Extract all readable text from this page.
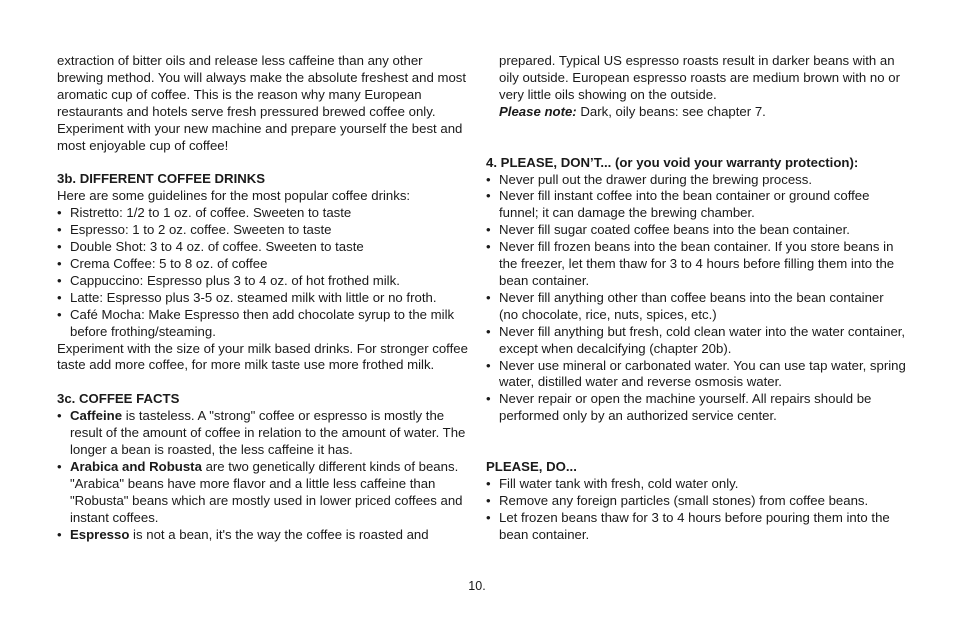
extraction of bitter oils and release less caffeine than any other brewing method. You will always make the absolute freshest and most aromatic cup of coffee. This is the reason why many European restaurants and hotels serve fresh pressured brewed coffee only. Experiment with your new machine and prepare yourself the best and most enjoyable cup of coffee!

3b. DIFFERENT COFFEE DRINKS

Here are some guidelines for the most popular coffee drinks:

• Ristretto: 1/2 to 1 oz. of coffee. Sweeten to taste
• Espresso: 1 to 2 oz. coffee. Sweeten to taste
• Double Shot: 3 to 4 oz. of coffee. Sweeten to taste
• Crema Coffee: 5 to 8 oz. of coffee
• Cappuccino: Espresso plus 3 to 4 oz. of hot frothed milk.
• Latte: Espresso plus 3-5 oz. steamed milk with little or no froth.
• Café Mocha: Make Espresso then add chocolate syrup to the milk before frothing/steaming.

Experiment with the size of your milk based drinks. For stronger coffee taste add more coffee, for more milk taste use more frothed milk.

3c. COFFEE FACTS

• Caffeine is tasteless. A "strong" coffee or espresso is mostly the result of the amount of coffee in relation to the amount of water. The longer a bean is roasted, the less caffeine it has.
• Arabica and Robusta are two genetically different kinds of beans. "Arabica" beans have more flavor and a little less caffeine than "Robusta" beans which are mostly used in lower priced coffees and instant coffees.
• Espresso is not a bean, it's the way the coffee is roasted and

prepared. Typical US espresso roasts result in darker beans with an oily outside. European espresso roasts are medium brown with no or very little oils showing on the outside.

Please note: Dark, oily beans: see chapter 7.

4. PLEASE, DON’T... (or you void your warranty protection):

• Never pull out the drawer during the brewing process.
• Never fill instant coffee into the bean container or ground coffee funnel; it can damage the brewing chamber.
• Never fill sugar coated coffee beans into the bean container.
• Never fill frozen beans into the bean container. If you store beans in the freezer, let them thaw for 3 to 4 hours before filling them into the bean container.
• Never fill anything other than coffee beans into the bean container (no chocolate, rice, nuts, spices, etc.)
• Never fill anything but fresh, cold clean water into the water container, except when decalcifying (chapter 20b).
• Never use mineral or carbonated water. You can use tap water, spring water, distilled water and reverse osmosis water.
• Never repair or open the machine yourself. All repairs should be performed only by an authorized service center.

PLEASE, DO...

• Fill water tank with fresh, cold water only.
• Remove any foreign particles (small stones) from coffee beans.
• Let frozen beans thaw for 3 to 4 hours before pouring them into the bean container.
10.
